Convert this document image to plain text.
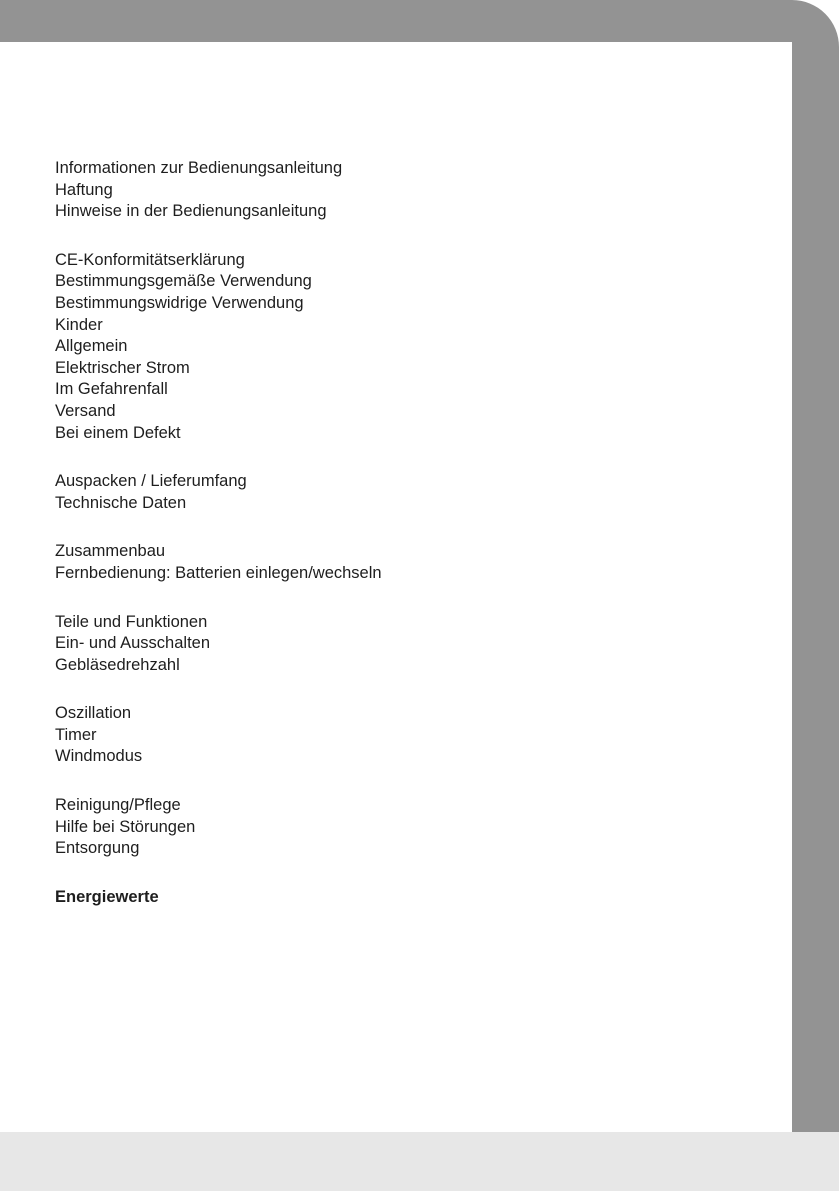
Informationen zur Bedienungsanleitung
Haftung
Hinweise in der Bedienungsanleitung
CE-Konformitätserklärung
Bestimmungsgemäße Verwendung
Bestimmungswidrige Verwendung
Kinder
Allgemein
Elektrischer Strom
Im Gefahrenfall
Versand
Bei einem Defekt
Auspacken / Lieferumfang
Technische Daten
Zusammenbau
Fernbedienung: Batterien einlegen/wechseln
Teile und Funktionen
Ein- und Ausschalten
Gebläsedrehzahl
Oszillation
Timer
Windmodus
Reinigung/Pflege
Hilfe bei Störungen
Entsorgung
Energiewerte
